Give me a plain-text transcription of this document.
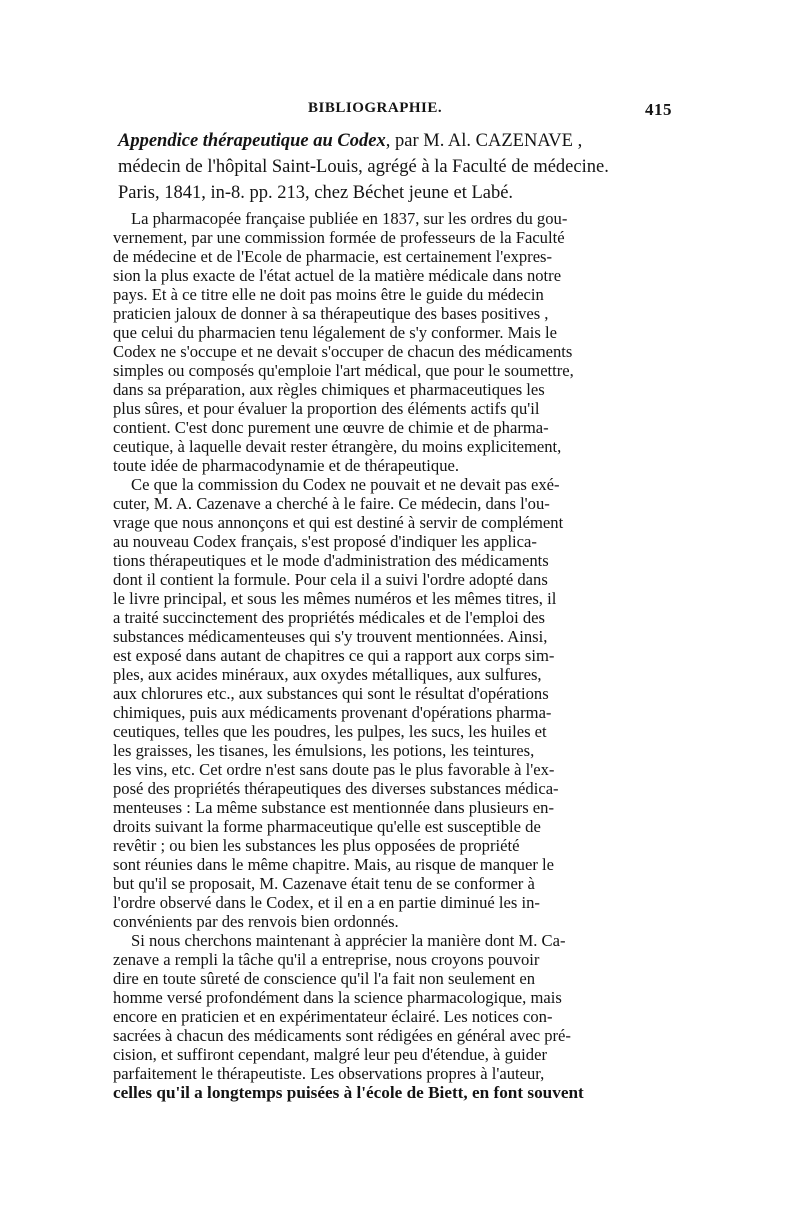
BIBLIOGRAPHIE.	415

Appendice thérapeutique au Codex, par M. Al. CAZENAVE ,
médecin de l'hôpital Saint-Louis, agrégé à la Faculté de médecine.
Paris, 1841, in-8. pp. 213, chez Béchet jeune et Labé.

La pharmacopée française publiée en 1837, sur les ordres du gou-
vernement, par une commission formée de professeurs de la Faculté
de médecine et de l'Ecole de pharmacie, est certainement l'expres-
sion la plus exacte de l'état actuel de la matière médicale dans notre
pays. Et à ce titre elle ne doit pas moins être le guide du médecin
praticien jaloux de donner à sa thérapeutique des bases positives ,
que celui du pharmacien tenu légalement de s'y conformer. Mais le
Codex ne s'occupe et ne devait s'occuper de chacun des médicaments
simples ou composés qu'emploie l'art médical, que pour le soumettre,
dans sa préparation, aux règles chimiques et pharmaceutiques les
plus sûres, et pour évaluer la proportion des éléments actifs qu'il
contient. C'est donc purement une œuvre de chimie et de pharma-
ceutique, à laquelle devait rester étrangère, du moins explicitement,
toute idée de pharmacodynamie et de thérapeutique.
Ce que la commission du Codex ne pouvait et ne devait pas exé-
cuter, M. A. Cazenave a cherché à le faire. Ce médecin, dans l'ou-
vrage que nous annonçons et qui est destiné à servir de complément
au nouveau Codex français, s'est proposé d'indiquer les applica-
tions thérapeutiques et le mode d'administration des médicaments
dont il contient la formule. Pour cela il a suivi l'ordre adopté dans
le livre principal, et sous les mêmes numéros et les mêmes titres, il
a traité succinctement des propriétés médicales et de l'emploi des
substances médicamenteuses qui s'y trouvent mentionnées. Ainsi,
est exposé dans autant de chapitres ce qui a rapport aux corps sim-
ples, aux acides minéraux, aux oxydes métalliques, aux sulfures,
aux chlorures etc., aux substances qui sont le résultat d'opérations
chimiques, puis aux médicaments provenant d'opérations pharma-
ceutiques, telles que les poudres, les pulpes, les sucs, les huiles et
les graisses, les tisanes, les émulsions, les potions, les teintures,
les vins, etc. Cet ordre n'est sans doute pas le plus favorable à l'ex-
posé des propriétés thérapeutiques des diverses substances médica-
menteuses : La même substance est mentionnée dans plusieurs en-
droits suivant la forme pharmaceutique qu'elle est susceptible de
revêtir ; ou bien les substances les plus opposées de propriété
sont réunies dans le même chapitre. Mais, au risque de manquer le
but qu'il se proposait, M. Cazenave était tenu de se conformer à
l'ordre observé dans le Codex, et il en a en partie diminué les in-
convénients par des renvois bien ordonnés.
Si nous cherchons maintenant à apprécier la manière dont M. Ca-
zenave a rempli la tâche qu'il a entreprise, nous croyons pouvoir
dire en toute sûreté de conscience qu'il l'a fait non seulement en
homme versé profondément dans la science pharmacologique, mais
encore en praticien et en expérimentateur éclairé. Les notices con-
sacrées à chacun des médicaments sont rédigées en général avec pré-
cision, et suffiront cependant, malgré leur peu d'étendue, à guider
parfaitement le thérapeutiste. Les observations propres à l'auteur,
celles qu'il a longtemps puisées à l'école de Biett, en font souvent
